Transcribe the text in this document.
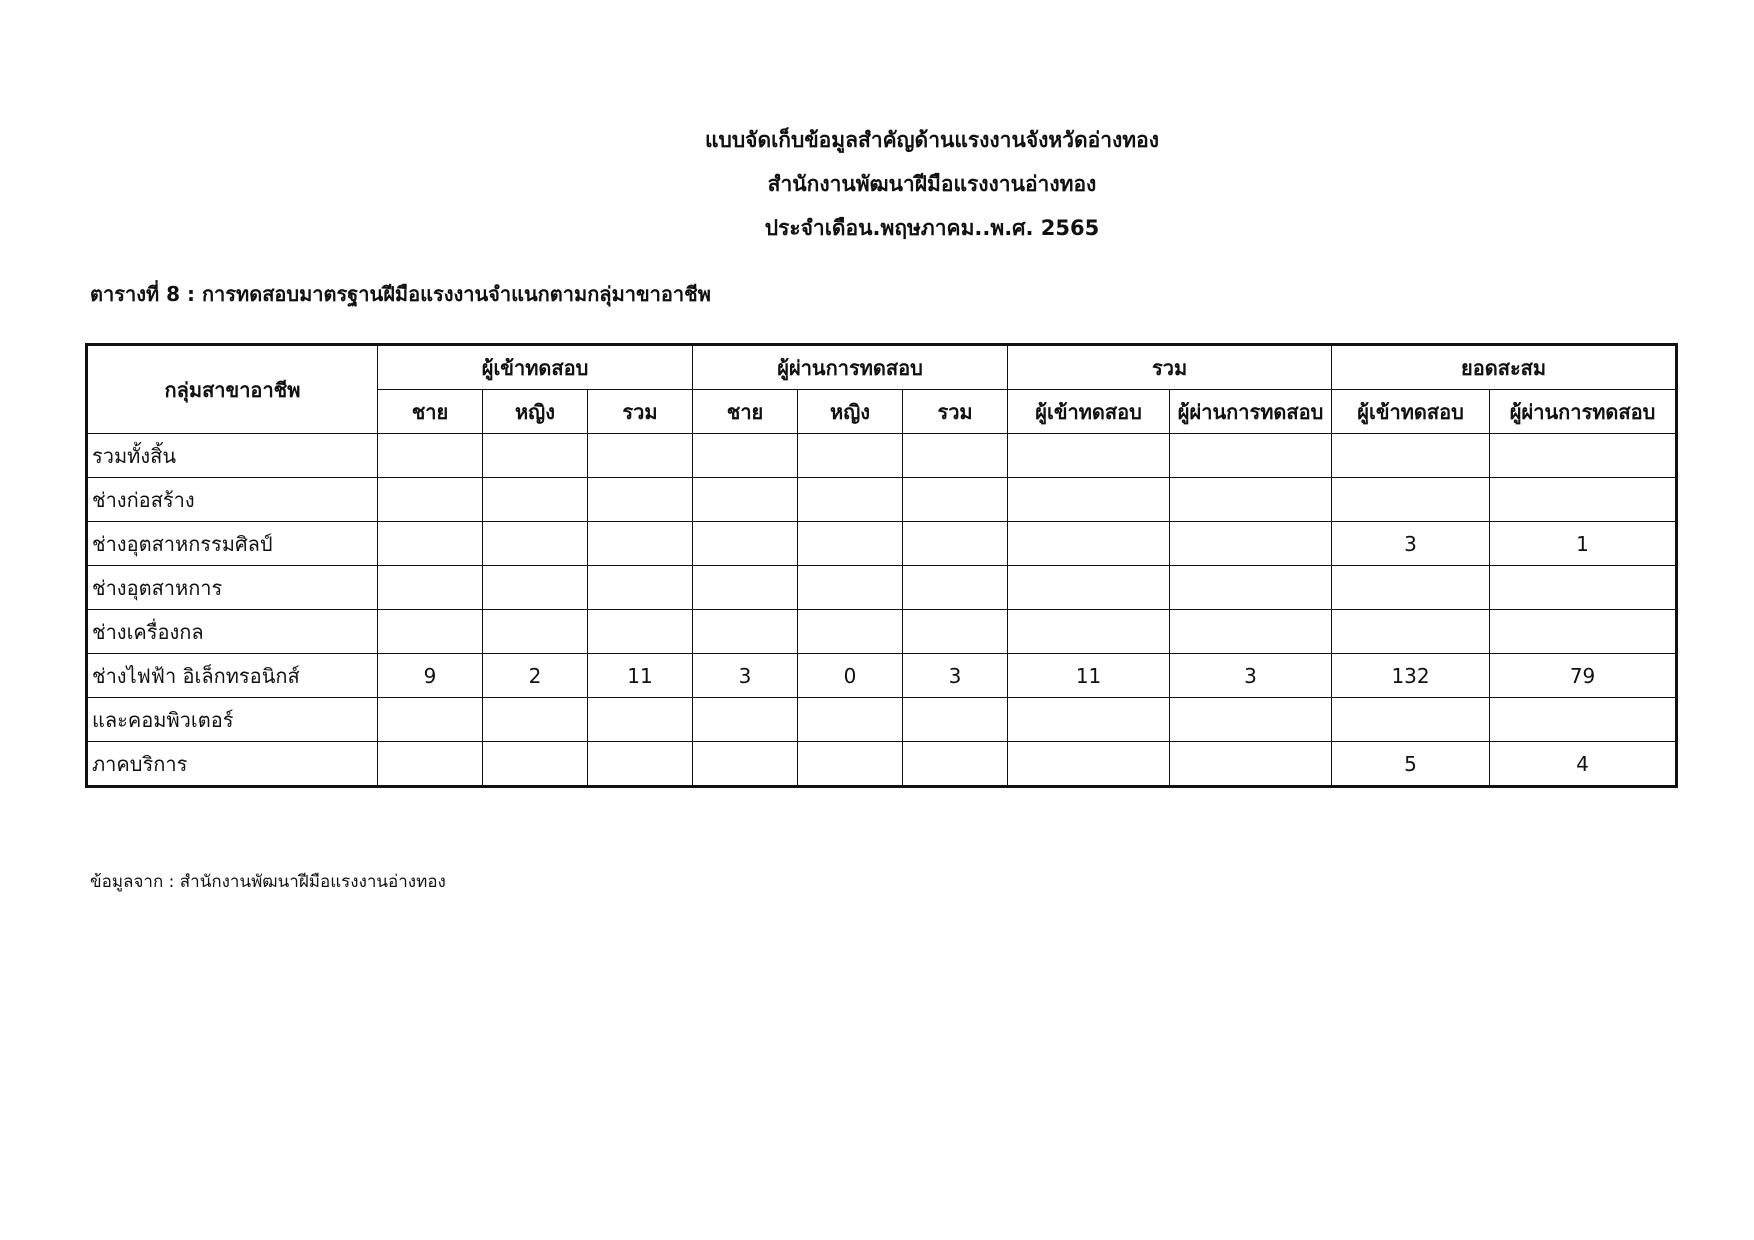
แบบจัดเก็บข้อมูลสำคัญด้านแรงงานจังหวัดอ่างทอง
สำนักงานพัฒนาฝีมือแรงงานอ่างทอง
ประจำเดือน.พฤษภาคม..พ.ศ. 2565
ตารางที่ 8 : การทดสอบมาตรฐานฝีมือแรงงานจำแนกตามกลุ่มาขาอาชีพ
กลุ่มสาขาอาชีพ	ผู้เข้าทดสอบ			ผู้ผ่านการทดสอบ			รวม		ยอดสะสม	
	ชาย	หญิง	รวม	ชาย	หญิง	รวม	ผู้เข้าทดสอบ	ผู้ผ่านการทดสอบ	ผู้เข้าทดสอบ	ผู้ผ่านการทดสอบ
รวมทั้งสิ้น										
ช่างก่อสร้าง										
ช่างอุตสาหกรรมศิลป์									3	1
ช่างอุตสาหการ										
ช่างเครื่องกล										
ช่างไฟฟ้า อิเล็กทรอนิกส์	9	2	11	3	0	3	11	3	132	79
และคอมพิวเตอร์										
ภาคบริการ									5	4
ข้อมูลจาก : สำนักงานพัฒนาฝีมือแรงงานอ่างทอง
